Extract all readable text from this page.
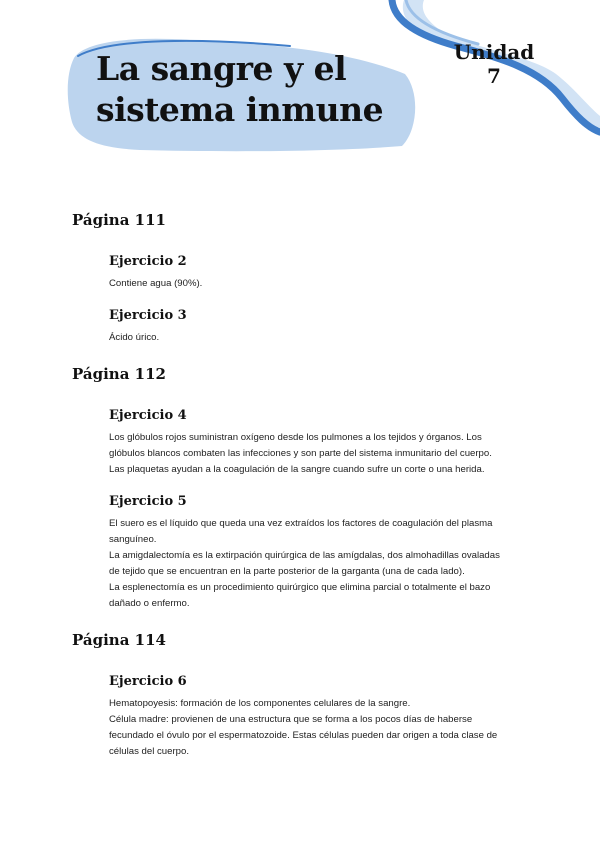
La sangre y el
sistema inmune
Unidad
7
Página 111
Ejercicio 2

Contiene agua (90%).

Ejercicio 3

Ácido úrico.

Página 112
Ejercicio 4

Los glóbulos rojos suministran oxígeno desde los pulmones a los tejidos y órganos. Los

glóbulos blancos combaten las infecciones y son parte del sistema inmunitario del cuerpo.

Las plaquetas ayudan a la coagulación de la sangre cuando sufre un corte o una herida.

Ejercicio 5

El suero es el líquido que queda una vez extraídos los factores de coagulación del plasma

sanguíneo.

La amigdalectomía es la extirpación quirúrgica de las amígdalas, dos almohadillas ovaladas

de tejido que se encuentran en la parte posterior de la garganta (una de cada lado).

La esplenectomía es un procedimiento quirúrgico que elimina parcial o totalmente el bazo

dañado o enfermo.

Página 114
Ejercicio 6

Hematopoyesis: formación de los componentes celulares de la sangre.

Célula madre: provienen de una estructura que se forma a los pocos días de haberse

fecundado el óvulo por el espermatozoide. Estas células pueden dar origen a toda clase de

células del cuerpo.
